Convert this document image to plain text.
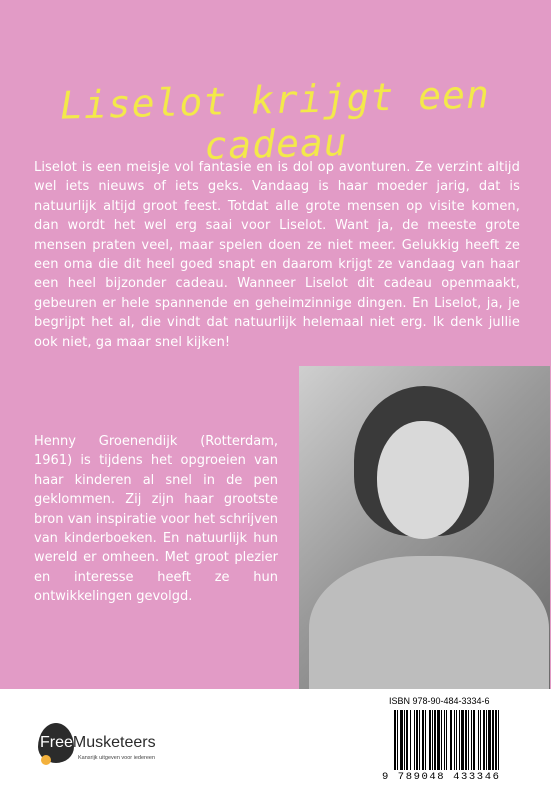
Liselot krijgt een cadeau

Liselot is een meisje vol fantasie en is dol op avonturen. Ze verzint altijd wel iets nieuws of iets geks. Vandaag is haar moeder jarig, dat is natuurlijk altijd groot feest. Totdat alle grote mensen op visite komen, dan wordt het wel erg saai voor Liselot. Want ja, de meeste grote mensen praten veel, maar spelen doen ze niet meer. Gelukkig heeft ze een oma die dit heel goed snapt en daarom krijgt ze vandaag van haar een heel bijzonder cadeau. Wanneer Liselot dit cadeau openmaakt, gebeuren er hele spannende en geheimzinnige dingen. En Liselot, ja, je begrijpt het al, die vindt dat natuurlijk helemaal niet erg. Ik denk jullie ook niet, ga maar snel kijken!

Henny Groenendijk (Rotterdam, 1961) is tijdens het opgroeien van haar kinderen al snel in de pen geklommen. Zij zijn haar grootste bron van inspiratie voor het schrijven van kinderboeken. En natuurlijk hun wereld er omheen. Met groot plezier en interesse heeft ze hun ontwikkelingen gevolgd.

FreeMusketeers
Kansrijk uitgeven voor iedereen
ISBN 978-90-484-3334-6
9 789048 433346
